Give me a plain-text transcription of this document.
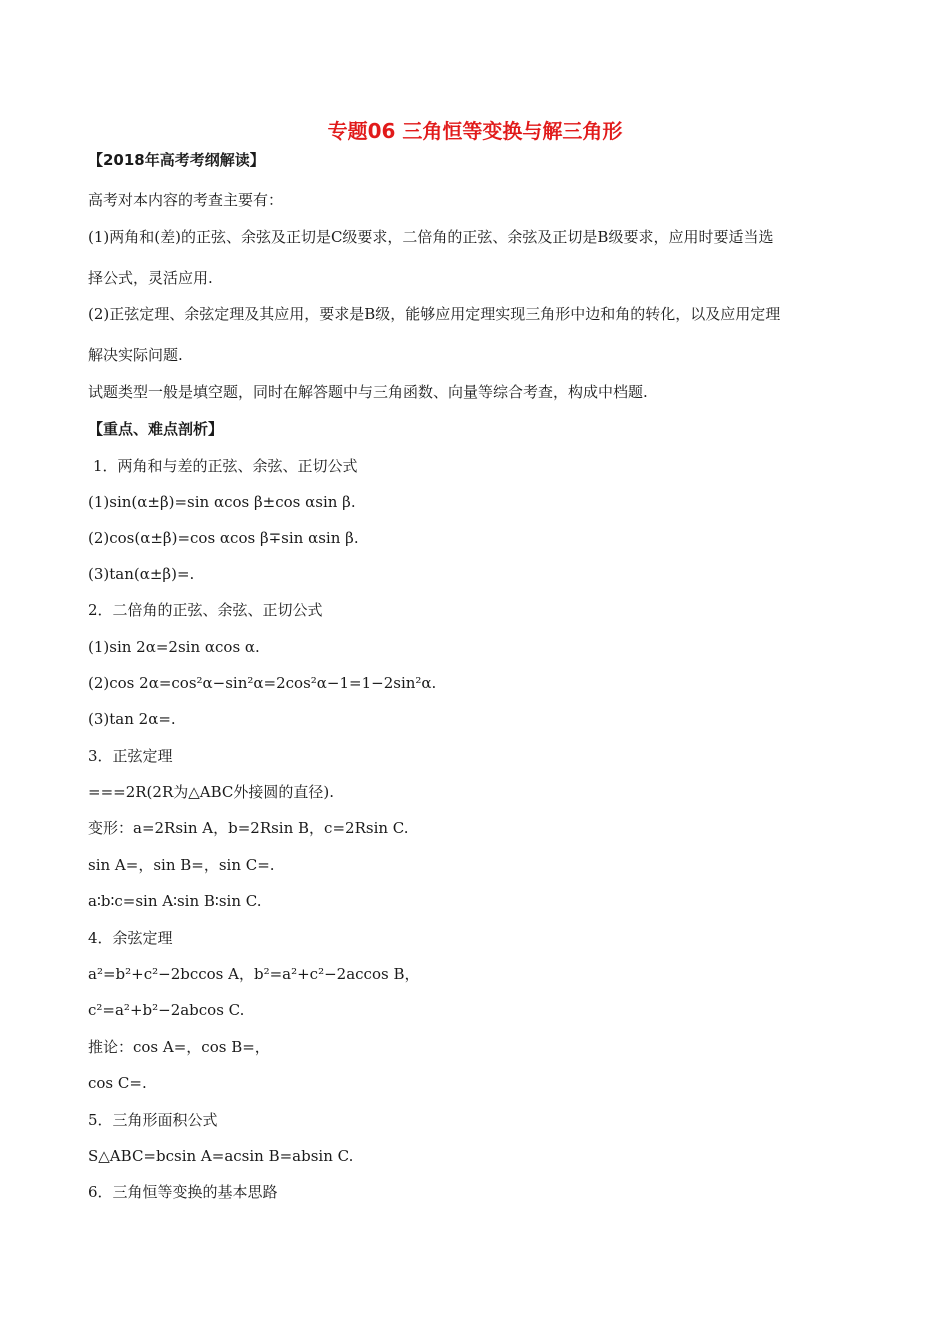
专题06 三角恒等变换与解三角形
【2018年高考考纲解读】
高考对本内容的考查主要有：
(1)两角和(差)的正弦、余弦及正切是C级要求，二倍角的正弦、余弦及正切是B级要求，应用时要适当选
择公式，灵活应用.
(2)正弦定理、余弦定理及其应用，要求是B级，能够应用定理实现三角形中边和角的转化，以及应用定理
解决实际问题.
试题类型一般是填空题，同时在解答题中与三角函数、向量等综合考查，构成中档题.
【重点、难点剖析】
1．两角和与差的正弦、余弦、正切公式
(1)sin(α±β)=sin αcos β±cos αsin β.
(2)cos(α±β)=cos αcos β∓sin αsin β.
(3)tan(α±β)=.
2．二倍角的正弦、余弦、正切公式
(1)sin 2α=2sin αcos α.
(2)cos 2α=cos²α−sin²α=2cos²α−1=1−2sin²α.
(3)tan 2α=.
3．正弦定理
===2R(2R为△ABC外接圆的直径).
变形：a=2Rsin A，b=2Rsin B，c=2Rsin C.
sin A=，sin B=，sin C=.
a∶b∶c=sin A∶sin B∶sin C.
4．余弦定理
a²=b²+c²−2bccos A，b²=a²+c²−2accos B，
c²=a²+b²−2abcos C.
推论：cos A=，cos B=，
cos C=.
5．三角形面积公式
S△ABC=bcsin A=acsin B=absin C.
6．三角恒等变换的基本思路
